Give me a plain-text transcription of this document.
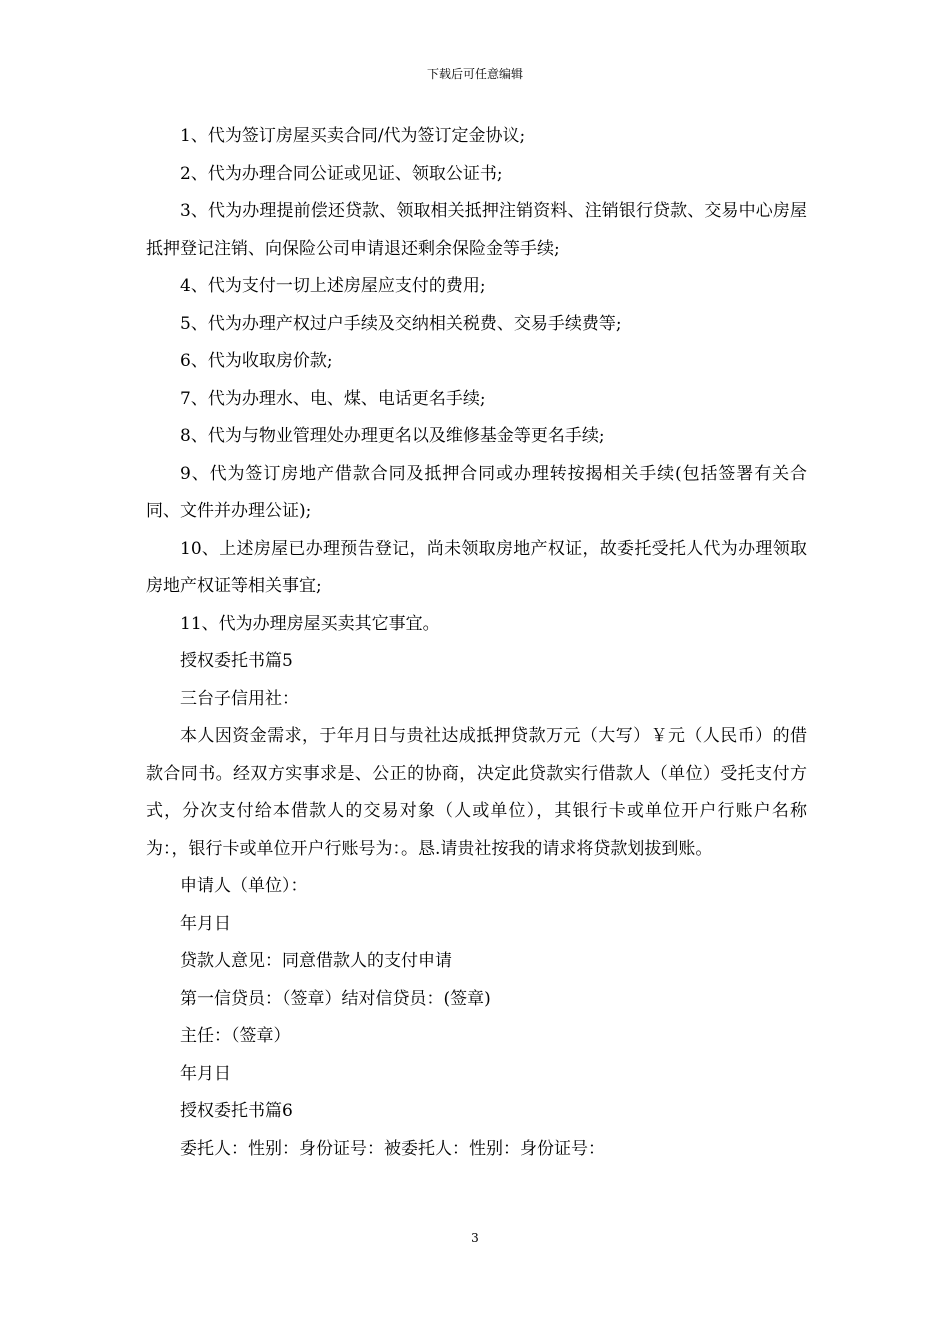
下载后可任意编辑

1、代为签订房屋买卖合同/代为签订定金协议;

2、代为办理合同公证或见证、领取公证书;

3、代为办理提前偿还贷款、领取相关抵押注销资料、注销银行贷款、交易中心房屋抵押登记注销、向保险公司申请退还剩余保险金等手续;

4、代为支付一切上述房屋应支付的费用;

5、代为办理产权过户手续及交纳相关税费、交易手续费等;

6、代为收取房价款;

7、代为办理水、电、煤、电话更名手续;

8、代为与物业管理处办理更名以及维修基金等更名手续;

9、代为签订房地产借款合同及抵押合同或办理转按揭相关手续(包括签署有关合同、文件并办理公证);

10、上述房屋已办理预告登记，尚未领取房地产权证，故委托受托人代为办理领取房地产权证等相关事宜;

11、代为办理房屋买卖其它事宜。

授权委托书篇5

三台子信用社：

本人因资金需求，于年月日与贵社达成抵押贷款万元（大写）￥元（人民币）的借款合同书。经双方实事求是、公正的协商，决定此贷款实行借款人（单位）受托支付方式，分次支付给本借款人的交易对象（人或单位），其银行卡或单位开户行账户名称为：，银行卡或单位开户行账号为：。恳.请贵社按我的请求将贷款划拔到账。

申请人（单位）：

年月日

贷款人意见：同意借款人的支付申请

第一信贷员：（签章）结对信贷员：(签章)

主任：（签章）

年月日

授权委托书篇6

委托人：性别：身份证号：被委托人：性别：身份证号：

3
